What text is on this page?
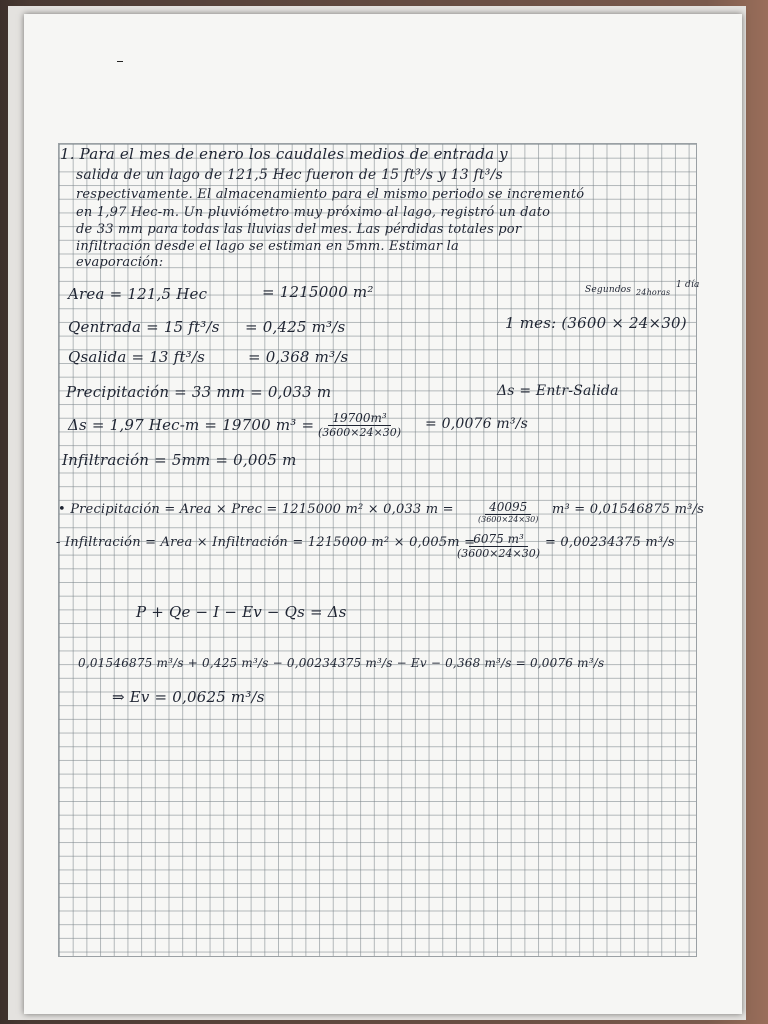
1. Para el mes de enero los caudales medios de entrada y
salida de un lago de 121,5 Hec fueron de 15 ft³/s y 13 ft³/s
respectivamente. El almacenamiento para el mismo periodo se incrementó
en 1,97 Hec-m. Un pluviómetro muy próximo al lago, registró un dato
de 33 mm para todas las lluvias del mes. Las pérdidas totales por
infiltración desde el lago se estiman en 5mm. Estimar la
evaporación:
Area = 121,5 Hec	= 1215000 m²	Segundos 24horas
1 día
Qentrada = 15 ft³/s = 0,425 m³/s	1 mes: (3600 × 24×30)
Qsalida = 13 ft³/s	= 0,368 m³/s
Precipitación = 33 mm = 0,033 m	Δs = Entr-Salida
Δs = 1,97 Hec-m = 19700 $m^3 = \frac{\text{19700m³}}{(3600\times 24\times 30)} = 0,0076$ m³/s
Infiltración = 5mm = 0,005 m
• Precipitación = Area × Prec = 1215000 m² × 0,033 m =	40095
(3600×24×30)
m³ = 0,01546875 m³/s
- Infiltración = Area × Infiltración = 1215000 m² × 0,005m =
$\frac{\text{6075 m³}}{(3600\times 24\times 30)} = 0,00234375$ m³/s
P + Qe − I − Ev − Qs = Δs
0,01546875 m³/s + 0,425 m³/s − 0,00234375 m³/s − Ev − 0,368 m³/s = 0,0076 m³/s
⇒ Ev = 0,0625 m³/s
